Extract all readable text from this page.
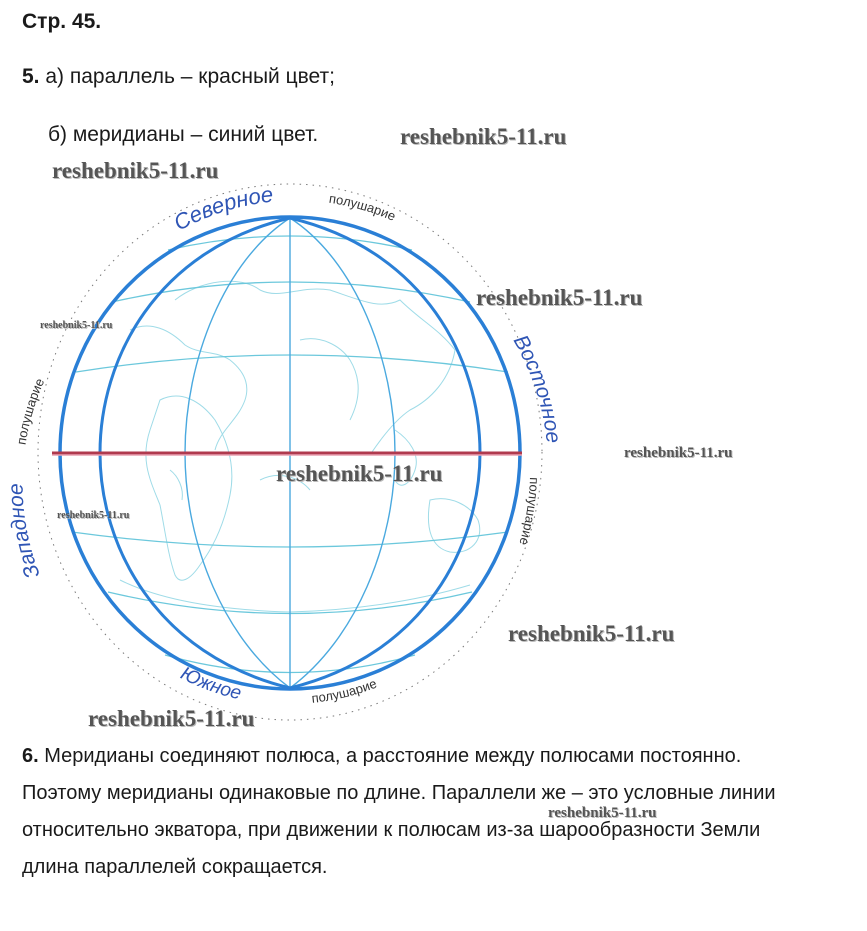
Стр. 45.
5. а) параллель – красный цвет;
б) меридианы – синий цвет.
Северное	полушарие
Западное
полушарие
Восточное
полушарие
Южное	полушарие
reshebnik5-11.ru
reshebnik5-11.ru
reshebnik5-11.ru
reshebnik5-11.ru
reshebnik5-11.ru
reshebnik5-11.ru
reshebnik5-11.ru
reshebnik5-11.ru
reshebnik5-11.ru
reshebnik5-11.ru
6. Меридианы соединяют полюса, а расстояние между полюсами постоянно.
Поэтому меридианы одинаковые по длине. Параллели же – это условные линии
относительно экватора, при движении к полюсам из-за шарообразности Земли
длина параллелей сокращается.
